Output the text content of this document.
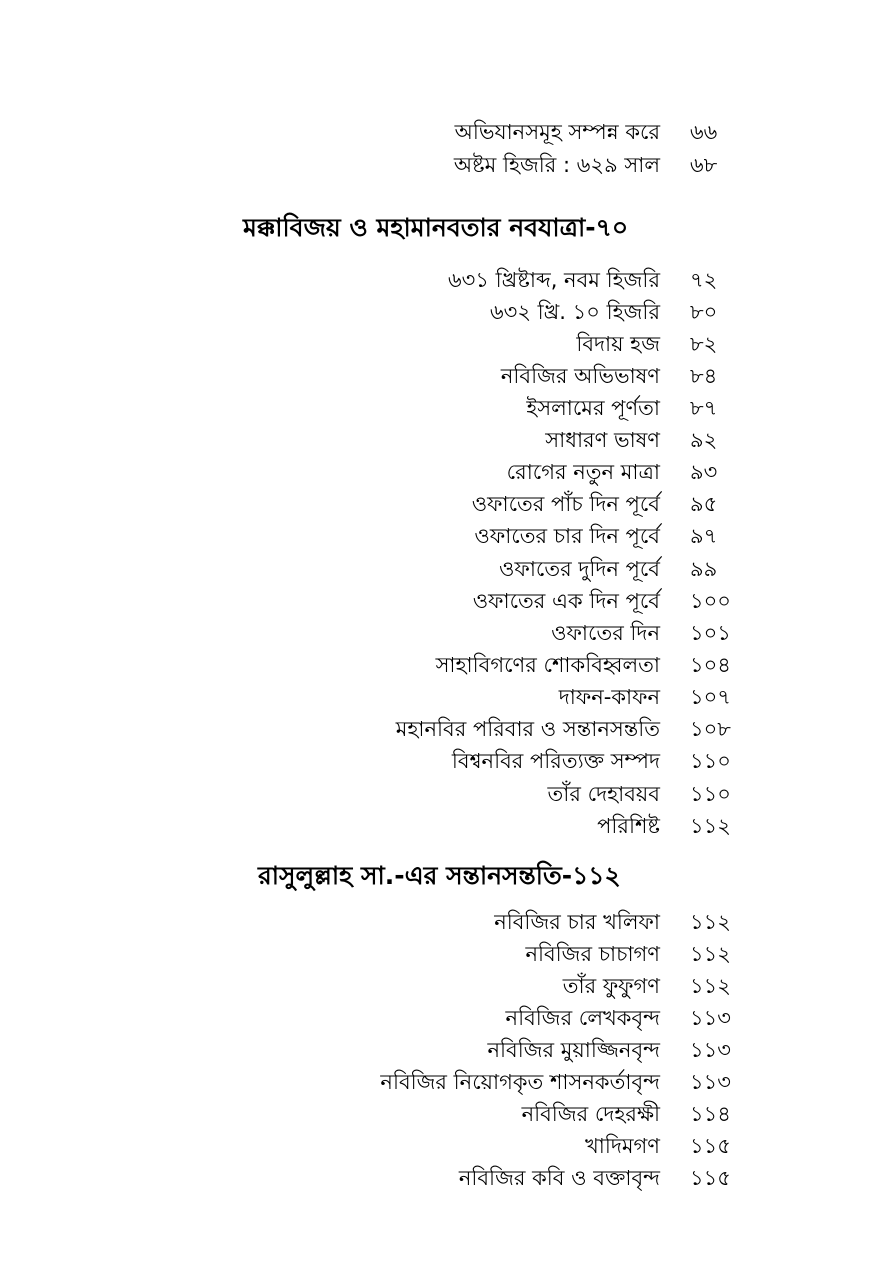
অভিযানসমূহ সম্পন্ন করে ৬৬
অষ্টম হিজরি : ৬২৯ সাল ৬৮
মক্কাবিজয় ও মহামানবতার নবযাত্রা-৭০
৬৩১ খ্রিষ্টাব্দ, নবম হিজরি ৭২
৬৩২ খ্রি. ১০ হিজরি ৮০
বিদায় হজ ৮২
নবিজির অভিভাষণ ৮৪
ইসলামের পূর্ণতা ৮৭
সাধারণ ভাষণ ৯২
রোগের নতুন মাত্রা ৯৩
ওফাতের পাঁচ দিন পূর্বে ৯৫
ওফাতের চার দিন পূর্বে ৯৭
ওফাতের দুদিন পূর্বে ৯৯
ওফাতের এক দিন পূর্বে ১০০
ওফাতের দিন ১০১
সাহাবিগণের শোকবিহ্বলতা ১০৪
দাফন-কাফন ১০৭
মহানবির পরিবার ও সন্তানসন্ততি ১০৮
বিশ্বনবির পরিত্যক্ত সম্পদ ১১০
তাঁর দেহাবয়ব ১১০
পরিশিষ্ট ১১২
রাসুলুল্লাহ সা.-এর সন্তানসন্ততি-১১২
নবিজির চার খলিফা ১১২
নবিজির চাচাগণ ১১২
তাঁর ফুফুগণ ১১২
নবিজির লেখকবৃন্দ ১১৩
নবিজির মুয়াজ্জিনবৃন্দ ১১৩
নবিজির নিয়োগকৃত শাসনকর্তাবৃন্দ ১১৩
নবিজির দেহরক্ষী ১১৪
খাদিমগণ ১১৫
নবিজির কবি ও বক্তাবৃন্দ ১১৫
